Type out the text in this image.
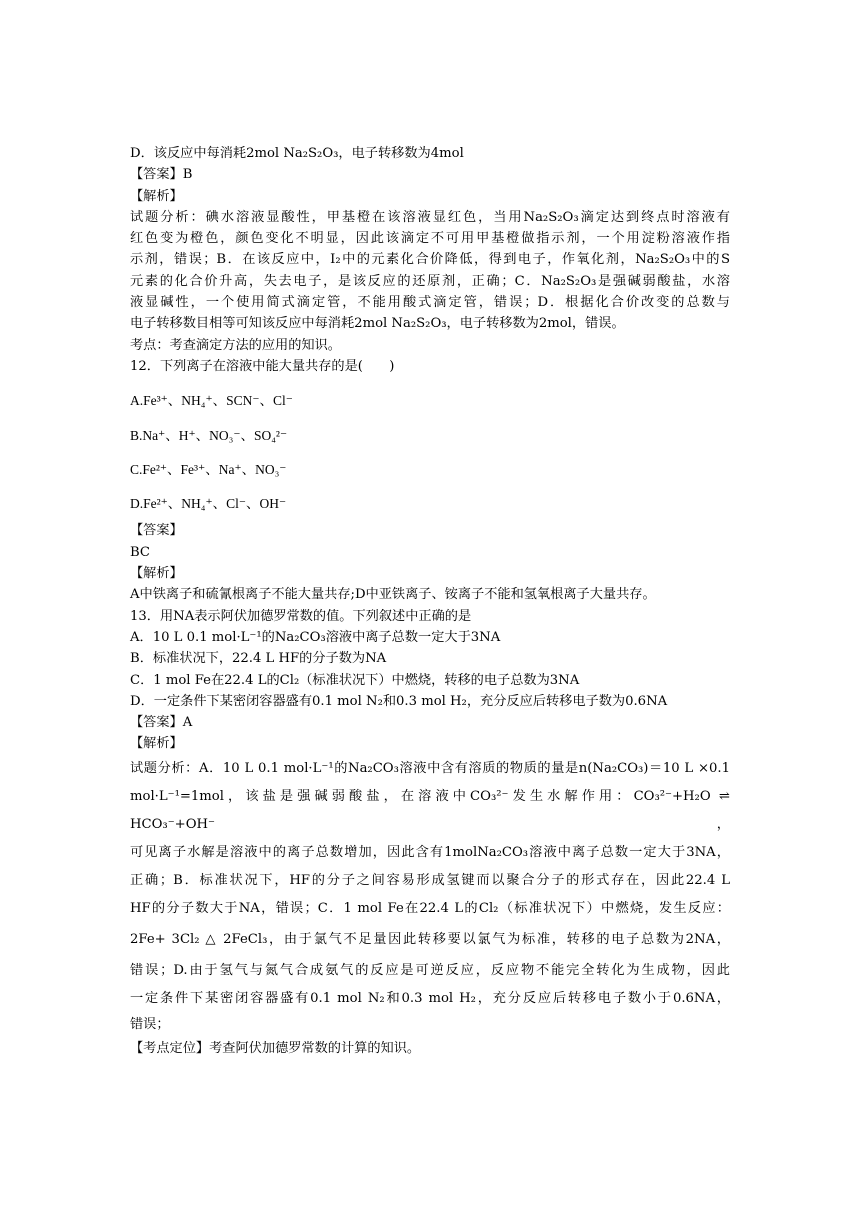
D．该反应中每消耗2mol Na₂S₂O₃，电子转移数为4mol
【答案】B
【解析】
试题分析：碘水溶液显酸性，甲基橙在该溶液显红色，当用Na₂S₂O₃滴定达到终点时溶液有
红色变为橙色，颜色变化不明显，因此该滴定不可用甲基橙做指示剂，一个用淀粉溶液作指
示剂，错误；B．在该反应中，I₂中的元素化合价降低，得到电子，作氧化剂，Na₂S₂O₃中的S
元素的化合价升高，失去电子，是该反应的还原剂，正确；C．Na₂S₂O₃是强碱弱酸盐，水溶
液显碱性，一个使用简式滴定管，不能用酸式滴定管，错误；D．根据化合价改变的总数与
电子转移数目相等可知该反应中每消耗2mol Na₂S₂O₃，电子转移数为2mol，错误。
考点：考查滴定方法的应用的知识。
12．下列离子在溶液中能大量共存的是(　　)
A.Fe³⁺、NH₄⁺、SCN⁻、Cl⁻
B.Na⁺、H⁺、NO₃⁻、SO₄²⁻
C.Fe²⁺、Fe³⁺、Na⁺、NO₃⁻
D.Fe²⁺、NH₄⁺、Cl⁻、OH⁻
【答案】
BC
【解析】
A中铁离子和硫氰根离子不能大量共存;D中亚铁离子、铵离子不能和氢氧根离子大量共存。
13．用NA表示阿伏加德罗常数的值。下列叙述中正确的是
A．10 L 0.1 mol·L⁻¹的Na₂CO₃溶液中离子总数一定大于3NA
B．标准状况下，22.4 L HF的分子数为NA
C．1 mol Fe在22.4 L的Cl₂（标准状况下）中燃烧，转移的电子总数为3NA
D．一定条件下某密闭容器盛有0.1 mol N₂和0.3 mol H₂，充分反应后转移电子数为0.6NA
【答案】A
【解析】
试题分析：A．10 L 0.1 mol·L⁻¹的Na₂CO₃溶液中含有溶质的物质的量是n(Na₂CO₃)＝10 L ×0.1
mol·L⁻¹=1mol，该盐是强碱弱酸盐，在溶液中CO₃²⁻发生水解作用：CO₃²⁻+H₂O ⇌ HCO₃⁻+OH⁻，
可见离子水解是溶液中的离子总数增加，因此含有1molNa₂CO₃溶液中离子总数一定大于3NA，
正确；B．标准状况下，HF的分子之间容易形成氢键而以聚合分子的形式存在，因此22.4 L
HF的分子数大于NA，错误；C．1 mol Fe在22.4 L的Cl₂（标准状况下）中燃烧，发生反应：
2Fe+ 3Cl₂ △ 2FeCl₃，由于氯气不足量因此转移要以氯气为标准，转移的电子总数为2NA，
错误；D.由于氢气与氮气合成氨气的反应是可逆反应，反应物不能完全转化为生成物，因此
一定条件下某密闭容器盛有0.1 mol N₂和0.3 mol H₂，充分反应后转移电子数小于0.6NA，
错误；
【考点定位】考查阿伏加德罗常数的计算的知识。
